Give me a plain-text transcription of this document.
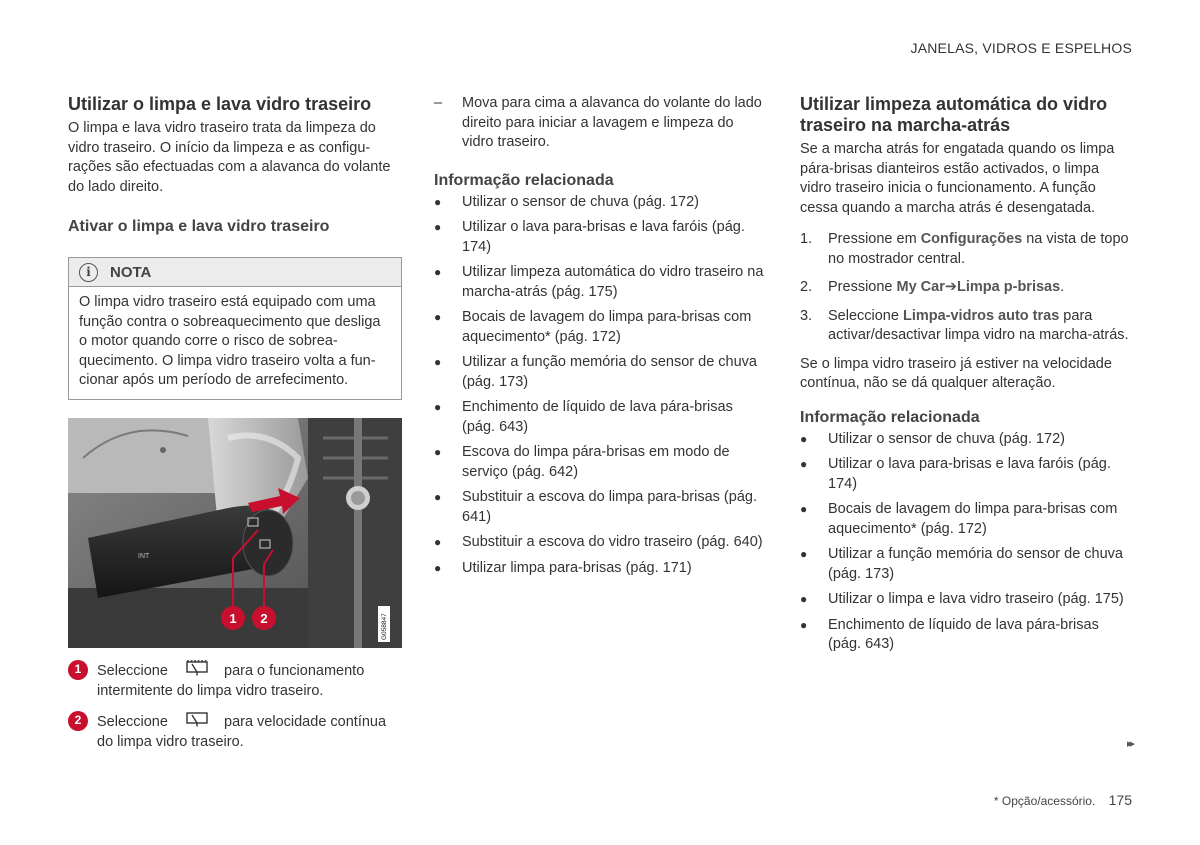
JANELAS, VIDROS E ESPELHOS
Utilizar o limpa e lava vidro traseiro

O limpa e lava vidro traseiro trata da limpeza do vidro traseiro. O início da limpeza e as configurações são efectuadas com a alavanca do volante do lado direito.

Ativar o limpa e lava vidro traseiro
i	NOTA
O limpa vidro traseiro está equipado com uma função contra o sobreaquecimento que desliga o motor quando corre o risco de sobreaquecimento. O limpa vidro traseiro volta a funcionar após um período de arrefecimento.
INT
1 2	G058847
1	Seleccione	para o funcionamento intermitente do limpa vidro traseiro.
2	Seleccione	para velocidade contínua do limpa vidro traseiro.
–	Mova para cima a alavanca do volante do lado direito para iniciar a lavagem e limpeza do vidro traseiro.
Informação relacionada
●	Utilizar o sensor de chuva (pág. 172)
●	Utilizar o lava para-brisas e lava faróis (pág. 174)
●	Utilizar limpeza automática do vidro traseiro na marcha-atrás (pág. 175)
●	Bocais de lavagem do limpa para-brisas com aquecimento* (pág. 172)
●	Utilizar a função memória do sensor de chuva (pág. 173)
●	Enchimento de líquido de lava pára-brisas (pág. 643)
●	Escova do limpa pára-brisas em modo de serviço (pág. 642)
●	Substituir a escova do limpa para-brisas (pág. 641)
●	Substituir a escova do vidro traseiro (pág. 640)
●	Utilizar limpa para-brisas (pág. 171)
Utilizar limpeza automática do vidro traseiro na marcha-atrás

Se a marcha atrás for engatada quando os limpa pára-brisas dianteiros estão activados, o limpa vidro traseiro inicia o funcionamento. A função cessa quando a marcha atrás é desengatada.

1.	Pressione em Configurações na vista de topo no mostrador central.
2.	Pressione My Car➔Limpa p-brisas.
3.	Seleccione Limpa-vidros auto tras para activar/desactivar limpa vidro na marcha-atrás.

Se o limpa vidro traseiro já estiver na velocidade contínua, não se dá qualquer alteração.

Informação relacionada
●	Utilizar o sensor de chuva (pág. 172)
●	Utilizar o lava para-brisas e lava faróis (pág. 174)
●	Bocais de lavagem do limpa para-brisas com aquecimento* (pág. 172)
●	Utilizar a função memória do sensor de chuva (pág. 173)
●	Utilizar o limpa e lava vidro traseiro (pág. 175)
●	Enchimento de líquido de lava pára-brisas (pág. 643)
▸▸
* Opção/acessório. 175
